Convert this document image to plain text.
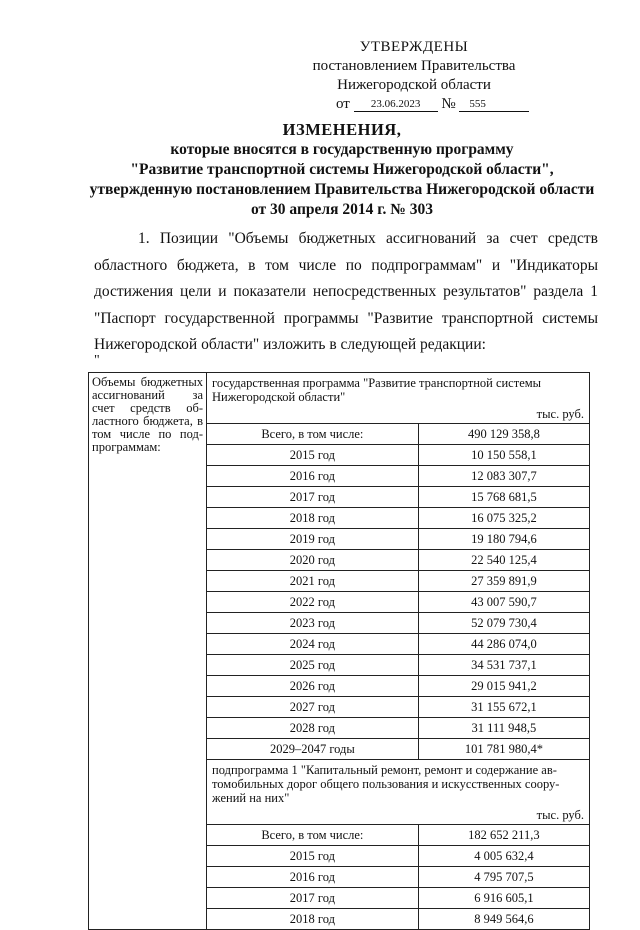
УТВЕРЖДЕНЫ
постановлением Правительства
Нижегородской области
от 23.06.2023 № 555
ИЗМЕНЕНИЯ,
которые вносятся в государственную программу
"Развитие транспортной системы Нижегородской области",
утвержденную постановлением Правительства Нижегородской области
от 30 апреля 2014 г. № 303
1. Позиции "Объемы бюджетных ассигнований за счет средств областного бюджета, в том числе по подпрограммам" и "Индикаторы достижения цели и показатели непосредственных результатов" раздела 1 "Паспорт государственной программы "Развитие транспортной системы Нижегородской области" изложить в следующей редакции:
"
Объемы бюджетных ассигнований за счет средств областного бюджета, в том числе по подпрограммам:	государственная программа "Развитие транспортной системы Нижегородской области"
тыс. руб.	

	Всего, в том числе:	490 129 358,8
	2015 год	10 150 558,1
	2016 год	12 083 307,7
	2017 год	15 768 681,5
	2018 год	16 075 325,2
	2019 год	19 180 794,6
	2020 год	22 540 125,4
	2021 год	27 359 891,9
	2022 год	43 007 590,7
	2023 год	52 079 730,4
	2024 год	44 286 074,0
	2025 год	34 531 737,1
	2026 год	29 015 941,2
	2027 год	31 155 672,1
	2028 год	31 111 948,5
	2029–2047 годы	101 781 980,4*

	подпрограмма 1 "Капитальный ремонт, ремонт и содержание автомобильных дорог общего пользования и искусственных сооружений на них"
тыс. руб.	

	Всего, в том числе:	182 652 211,3
	2015 год	4 005 632,4
	2016 год	4 795 707,5
	2017 год	6 916 605,1
	2018 год	8 949 564,6
